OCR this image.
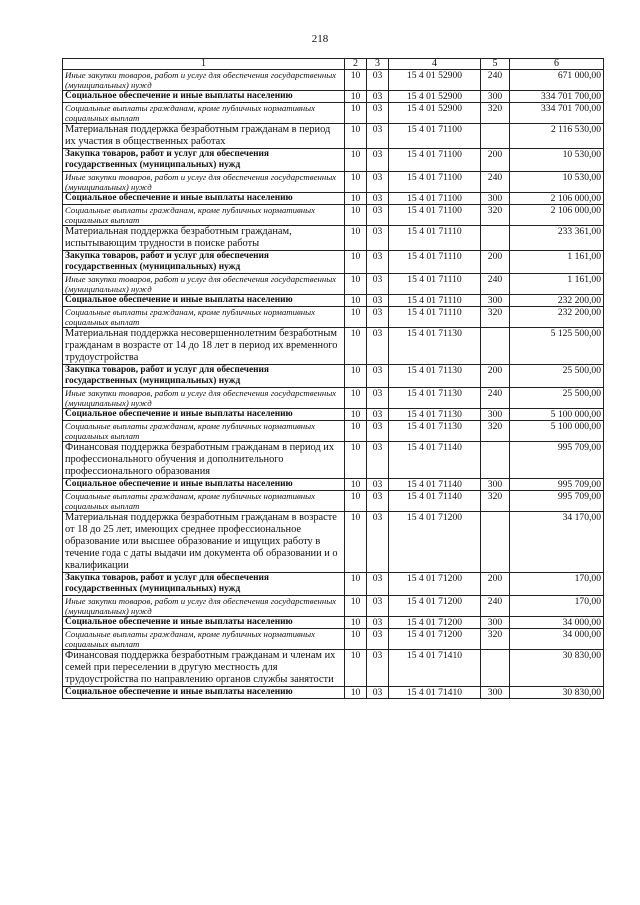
218
1	2	3	4	5	6
Иные закупки товаров, работ и услуг для обеспечения государственных (муниципальных) нужд	10	03	15 4 01 52900	240	671 000,00
Социальное обеспечение и иные выплаты населению	10	03	15 4 01 52900	300	334 701 700,00
Социальные выплаты гражданам, кроме публичных нормативных социальных выплат	10	03	15 4 01 52900	320	334 701 700,00
Материальная поддержка безработным гражданам в период их участия в общественных работах	10	03	15 4 01 71100		2 116 530,00
Закупка товаров, работ и услуг для обеспечения государственных (муниципальных) нужд	10	03	15 4 01 71100	200	10 530,00
Иные закупки товаров, работ и услуг для обеспечения государственных (муниципальных) нужд	10	03	15 4 01 71100	240	10 530,00
Социальное обеспечение и иные выплаты населению	10	03	15 4 01 71100	300	2 106 000,00
Социальные выплаты гражданам, кроме публичных нормативных социальных выплат	10	03	15 4 01 71100	320	2 106 000,00
Материальная поддержка безработным гражданам, испытывающим трудности в поиске работы	10	03	15 4 01 71110		233 361,00
Закупка товаров, работ и услуг для обеспечения государственных (муниципальных) нужд	10	03	15 4 01 71110	200	1 161,00
Иные закупки товаров, работ и услуг для обеспечения государственных (муниципальных) нужд	10	03	15 4 01 71110	240	1 161,00
Социальное обеспечение и иные выплаты населению	10	03	15 4 01 71110	300	232 200,00
Социальные выплаты гражданам, кроме публичных нормативных социальных выплат	10	03	15 4 01 71110	320	232 200,00
Материальная поддержка несовершеннолетним безработным гражданам в возрасте от 14 до 18 лет в период их временного трудоустройства	10	03	15 4 01 71130		5 125 500,00
Закупка товаров, работ и услуг для обеспечения государственных (муниципальных) нужд	10	03	15 4 01 71130	200	25 500,00
Иные закупки товаров, работ и услуг для обеспечения государственных (муниципальных) нужд	10	03	15 4 01 71130	240	25 500,00
Социальное обеспечение и иные выплаты населению	10	03	15 4 01 71130	300	5 100 000,00
Социальные выплаты гражданам, кроме публичных нормативных социальных выплат	10	03	15 4 01 71130	320	5 100 000,00
Финансовая поддержка безработным гражданам в период их профессионального обучения и дополнительного профессионального образования	10	03	15 4 01 71140		995 709,00
Социальное обеспечение и иные выплаты населению	10	03	15 4 01 71140	300	995 709,00
Социальные выплаты гражданам, кроме публичных нормативных социальных выплат	10	03	15 4 01 71140	320	995 709,00
Материальная поддержка безработным гражданам в возрасте от 18 до 25 лет, имеющих среднее профессиональное образование или высшее образование и ищущих работу в течение года с даты выдачи им документа об образовании и о квалификации	10	03	15 4 01 71200		34 170,00
Закупка товаров, работ и услуг для обеспечения государственных (муниципальных) нужд	10	03	15 4 01 71200	200	170,00
Иные закупки товаров, работ и услуг для обеспечения государственных (муниципальных) нужд	10	03	15 4 01 71200	240	170,00
Социальное обеспечение и иные выплаты населению	10	03	15 4 01 71200	300	34 000,00
Социальные выплаты гражданам, кроме публичных нормативных социальных выплат	10	03	15 4 01 71200	320	34 000,00
Финансовая поддержка безработным гражданам и членам их семей при переселении в другую местность для трудоустройства по направлению органов службы занятости	10	03	15 4 01 71410		30 830,00
Социальное обеспечение и иные выплаты населению	10	03	15 4 01 71410	300	30 830,00
